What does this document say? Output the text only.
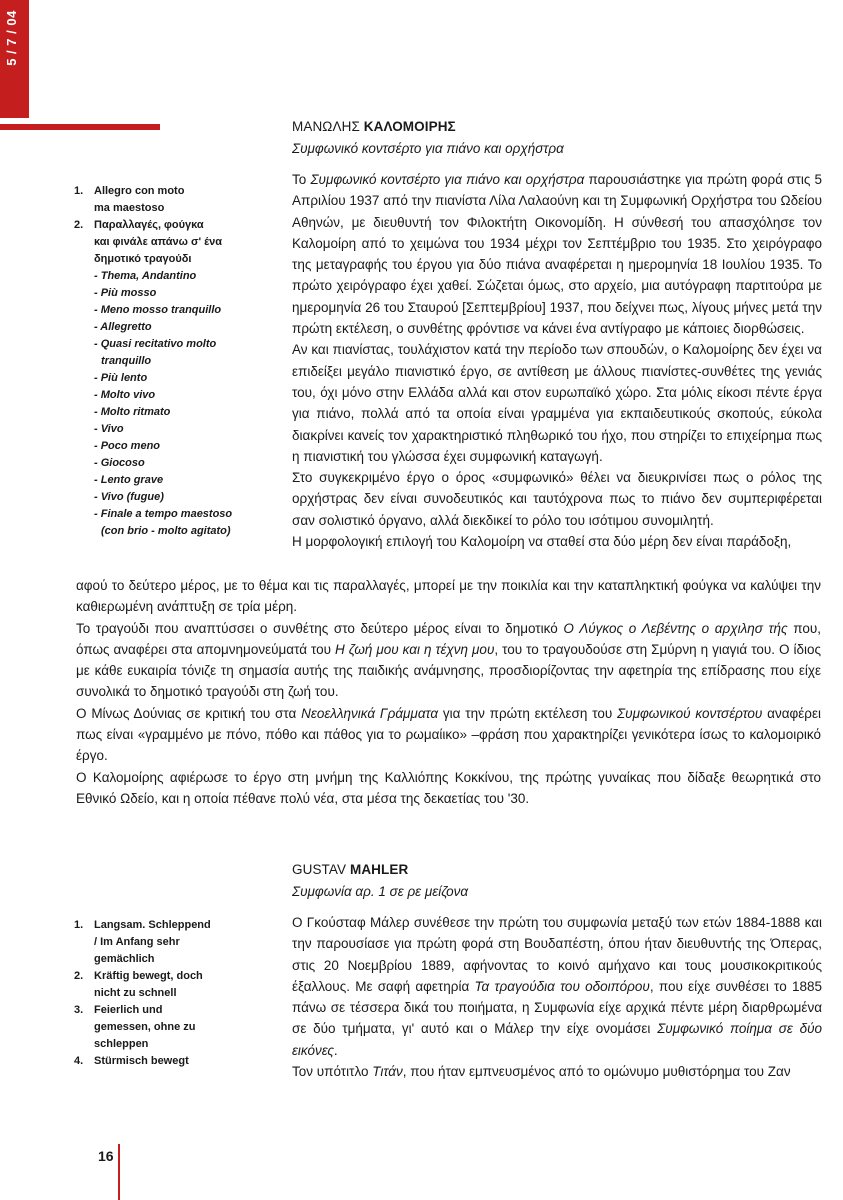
5 / 7 / 04
ΜΑΝΩΛΗΣ ΚΑΛΟΜΟΙΡΗΣ
Συμφωνικό κοντσέρτο για πιάνο και ορχήστρα
1. Allegro con moto
ma maestoso
2. Παραλλαγές, φούγκα
και φινάλε απάνω σ' ένα
δημοτικό τραγούδι
- Thema, Andantino
- Più mosso
- Meno mosso tranquillo
- Allegretto
- Quasi recitativo molto
tranquillo
- Più lento
- Molto vivo
- Molto ritmato
- Vivo
- Poco meno
- Giocoso
- Lento grave
- Vivo (fugue)
- Finale a tempo maestoso
(con brio - molto agitato)

Το Συμφωνικό κοντσέρτο για πιάνο και ορχήστρα παρουσιάστηκε για πρώτη φορά στις 5 Απριλίου 1937 από την πιανίστα Λίλα Λαλαούνη και τη Συμφωνική Ορχήστρα του Ωδείου Αθηνών, με διευθυντή τον Φιλοκτήτη Οικονομίδη. Η σύνθεσή του απασχόλησε τον Καλομοίρη από το χειμώνα του 1934 μέχρι τον Σεπτέμβριο του 1935. Στο χειρόγραφο της μεταγραφής του έργου για δύο πιάνα αναφέρεται η ημερομηνία 18 Ιουλίου 1935. Το πρώτο χειρόγραφο έχει χαθεί. Σώζεται όμως, στο αρχείο, μια αυτόγραφη παρτιτούρα με ημερομηνία 26 του Σταυρού [Σεπτεμβρίου] 1937, που δείχνει πως, λίγους μήνες μετά την πρώτη εκτέλεση, ο συνθέτης φρόντισε να κάνει ένα αντίγραφο με κάποιες διορθώσεις.

Αν και πιανίστας, τουλάχιστον κατά την περίοδο των σπουδών, ο Καλομοίρης δεν έχει να επιδείξει μεγάλο πιανιστικό έργο, σε αντίθεση με άλλους πιανίστες-συνθέτες της γενιάς του, όχι μόνο στην Ελλάδα αλλά και στον ευρωπαϊκό χώρο. Στα μόλις είκοσι πέντε έργα για πιάνο, πολλά από τα οποία είναι γραμμένα για εκπαιδευτικούς σκοπούς, εύκολα διακρίνει κανείς τον χαρακτηριστικό πληθωρικό του ήχο, που στηρίζει το επιχείρημα πως η πιανιστική του γλώσσα έχει συμφωνική καταγωγή.

Στο συγκεκριμένο έργο ο όρος «συμφωνικό» θέλει να διευκρινίσει πως ο ρόλος της ορχήστρας δεν είναι συνοδευτικός και ταυτόχρονα πως το πιάνο δεν συμπεριφέρεται σαν σολιστικό όργανο, αλλά διεκδικεί το ρόλο του ισότιμου συνομιλητή.

Η μορφολογική επιλογή του Καλομοίρη να σταθεί στα δύο μέρη δεν είναι παράδοξη,

αφού το δεύτερο μέρος, με το θέμα και τις παραλλαγές, μπορεί με την ποικιλία και την καταπληκτική φούγκα να καλύψει την καθιερωμένη ανάπτυξη σε τρία μέρη.

Το τραγούδι που αναπτύσσει ο συνθέτης στο δεύτερο μέρος είναι το δημοτικό Ο Λύγκος ο Λεβέντης ο αρχιλησ τής που, όπως αναφέρει στα απομνημονεύματά του Η ζωή μου και η τέχνη μου, του το τραγουδούσε στη Σμύρνη η γιαγιά του. Ο ίδιος με κάθε ευκαιρία τόνιζε τη σημασία αυτής της παιδικής ανάμνησης, προσδιορίζοντας την αφετηρία της επίδρασης που είχε συνολικά το δημοτικό τραγούδι στη ζωή του.

Ο Μίνως Δούνιας σε κριτική του στα Νεοελληνικά Γράμματα για την πρώτη εκτέλεση του Συμφωνικού κοντσέρτου αναφέρει πως είναι «γραμμένο με πόνο, πόθο και πάθος για το ρωμαίικο» –φράση που χαρακτηρίζει γενικότερα ίσως το καλομοιρικό έργο.

Ο Καλομοίρης αφιέρωσε το έργο στη μνήμη της Καλλιόπης Κοκκίνου, της πρώτης γυναίκας που δίδαξε θεωρητικά στο Εθνικό Ωδείο, και η οποία πέθανε πολύ νέα, στα μέσα της δεκαετίας του '30.

GUSTAV MAHLER
Συμφωνία αρ. 1 σε ρε μείζονα
1. Langsam. Schleppend
/ Im Anfang sehr
gemächlich
2. Kräftig bewegt, doch
nicht zu schnell
3. Feierlich und
gemessen, ohne zu
schleppen
4. Stürmisch bewegt

Ο Γκούσταφ Μάλερ συνέθεσε την πρώτη του συμφωνία μεταξύ των ετών 1884-1888 και την παρουσίασε για πρώτη φορά στη Βουδαπέστη, όπου ήταν διευθυντής της Όπερας, στις 20 Νοεμβρίου 1889, αφήνοντας το κοινό αμήχανο και τους μουσικοκριτικούς έξαλλους. Με σαφή αφετηρία Τα τραγούδια του οδοιπόρου, που είχε συνθέσει το 1885 πάνω σε τέσσερα δικά του ποιήματα, η Συμφωνία είχε αρχικά πέντε μέρη διαρθρωμένα σε δύο τμήματα, γι' αυτό και ο Μάλερ την είχε ονομάσει Συμφωνικό ποίημα σε δύο εικόνες.

Τον υπότιτλο Τιτάν, που ήταν εμπνευσμένος από το ομώνυμο μυθιστόρημα του Ζαν

16
